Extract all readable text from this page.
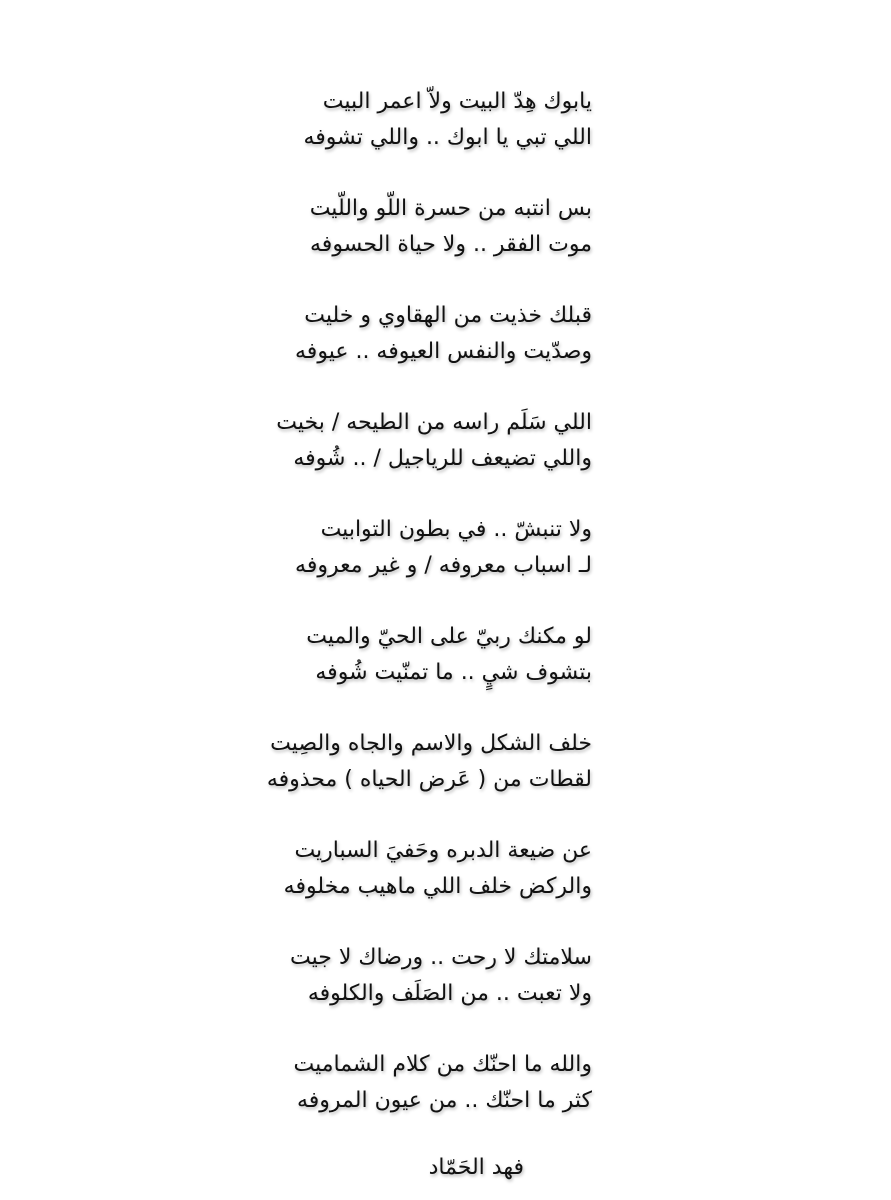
يابوك هِدّ البيت ولاّ اعمر البيت
اللي تبي يا ابوك .. واللي تشوفه
بس انتبه من حسرة اللّو واللّيت
موت الفقر .. ولا حياة الحسوفه
قبلك خذيت من الهقاوي و خليت
وصدّيت والنفس العيوفه .. عيوفه
اللي سَلَم راسه من الطيحه / بخيت
واللي تضيعف للرياجيل / .. شُوفه
ولا تنبشّ .. في بطون التوابيت
لـ اسباب معروفه / و غير معروفه
لو مكنك ربيّ على الحيّ والميت
بتشوف شيٍ .. ما تمنّيت شُوفه
خلف الشكل والاسم والجاه والصِيت
لقطات من ( عَرض الحياه ) محذوفه
عن ضيعة الدبره وحَفيَ السباريت
والركض خلف اللي ماهيب مخلوفه
سلامتك لا رحت .. ورضاك لا جيت
ولا تعبت .. من الصَلَف والكلوفه
والله ما احنّك من كلام الشماميت
كثر ما احنّك .. من عيون المروفه
فهد الحَمّاد
